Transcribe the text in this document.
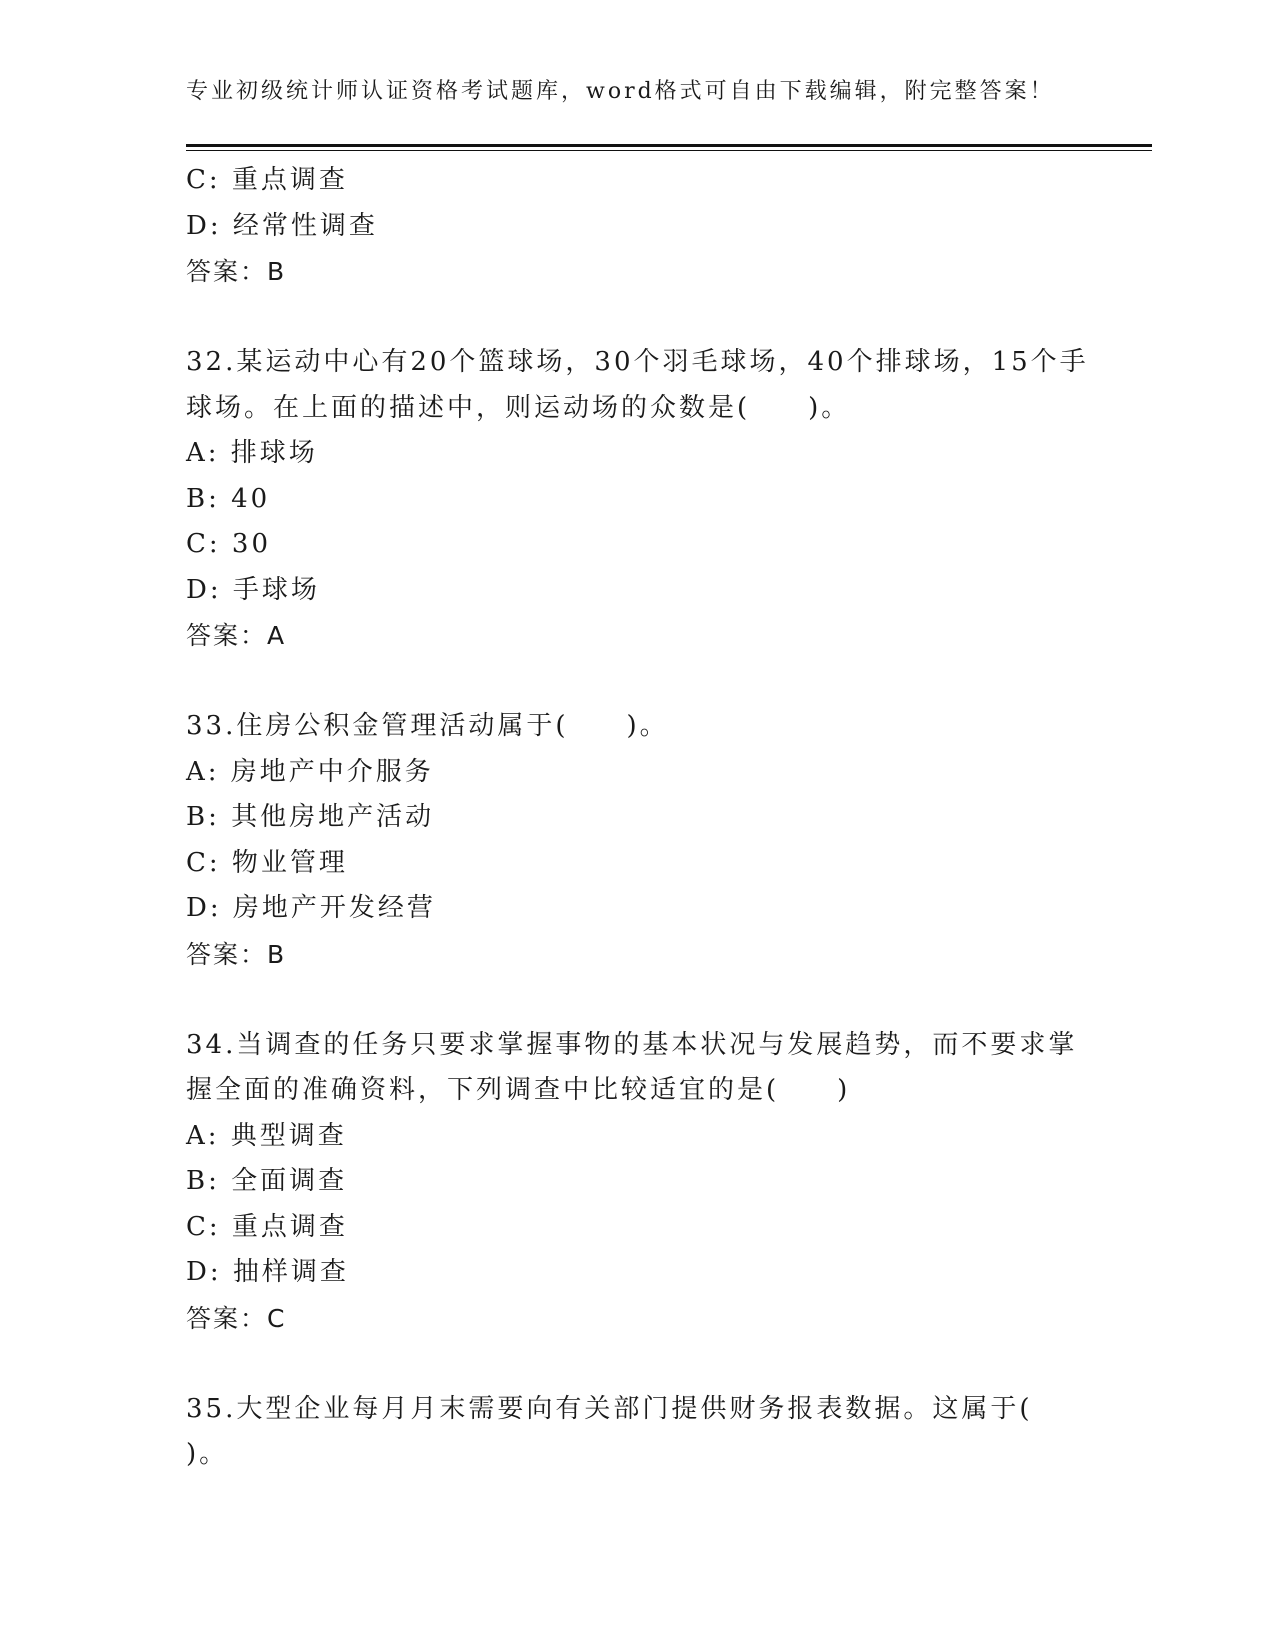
专业初级统计师认证资格考试题库，word格式可自由下载编辑，附完整答案！
C: 重点调查
D: 经常性调查
答案：B
32.某运动中心有20个篮球场，30个羽毛球场，40个排球场，15个手
球场。在上面的描述中，则运动场的众数是(　　)。
A: 排球场
B: 40
C: 30
D: 手球场
答案：A
33.住房公积金管理活动属于(　　)。
A: 房地产中介服务
B: 其他房地产活动
C: 物业管理
D: 房地产开发经营
答案：B
34.当调查的任务只要求掌握事物的基本状况与发展趋势，而不要求掌
握全面的准确资料，下列调查中比较适宜的是(　　)
A: 典型调查
B: 全面调查
C: 重点调查
D: 抽样调查
答案：C
35.大型企业每月月末需要向有关部门提供财务报表数据。这属于(
)。
